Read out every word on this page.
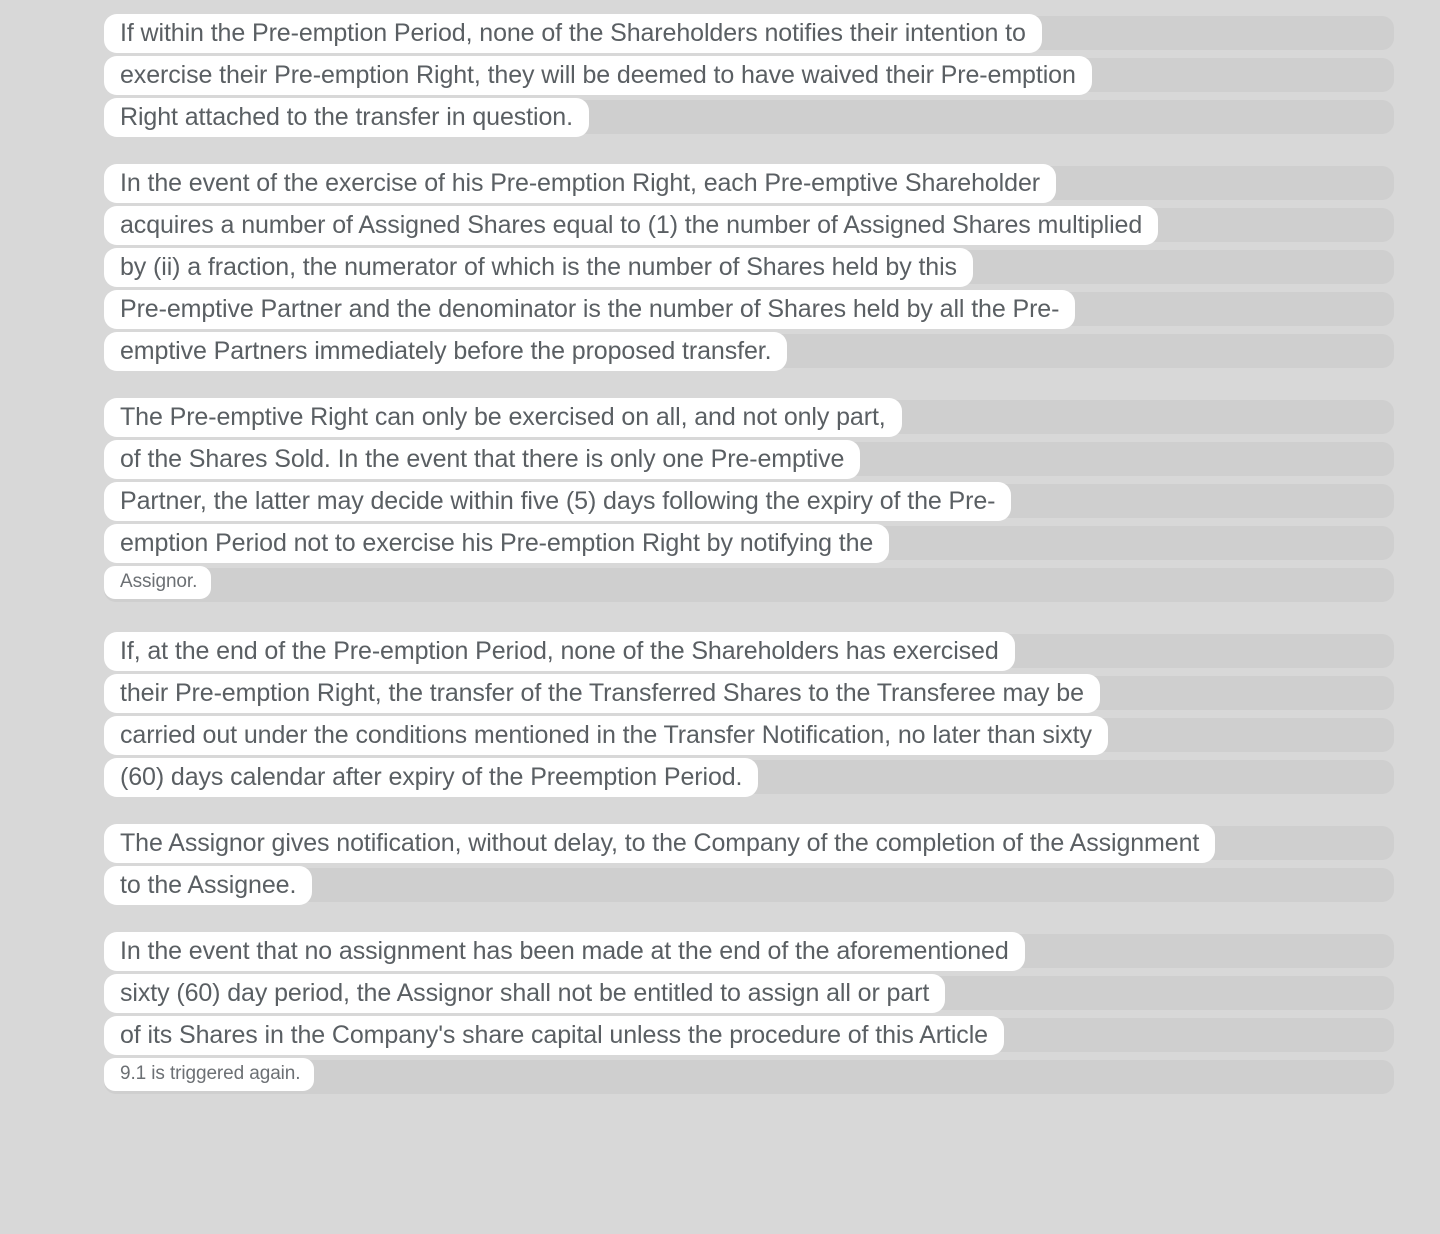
If within the Pre-emption Period, none of the Shareholders notifies their intention to
exercise their Pre-emption Right, they will be deemed to have waived their Pre-emption
Right attached to the transfer in question.
In the event of the exercise of his Pre-emption Right, each Pre-emptive Shareholder
acquires a number of Assigned Shares equal to (1) the number of Assigned Shares multiplied
by (ii) a fraction, the numerator of which is the number of Shares held by this
Pre-emptive Partner and the denominator is the number of Shares held by all the Pre-
emptive Partners immediately before the proposed transfer.
The Pre-emptive Right can only be exercised on all, and not only part,
of the Shares Sold. In the event that there is only one Pre-emptive
Partner, the latter may decide within five (5) days following the expiry of the Pre-
emption Period not to exercise his Pre-emption Right by notifying the
Assignor.
If, at the end of the Pre-emption Period, none of the Shareholders has exercised
their Pre-emption Right, the transfer of the Transferred Shares to the Transferee may be
carried out under the conditions mentioned in the Transfer Notification, no later than sixty
(60) days calendar after expiry of the Preemption Period.
The Assignor gives notification, without delay, to the Company of the completion of the Assignment
to the Assignee.
In the event that no assignment has been made at the end of the aforementioned
sixty (60) day period, the Assignor shall not be entitled to assign all or part
of its Shares in the Company's share capital unless the procedure of this Article
9.1 is triggered again.
